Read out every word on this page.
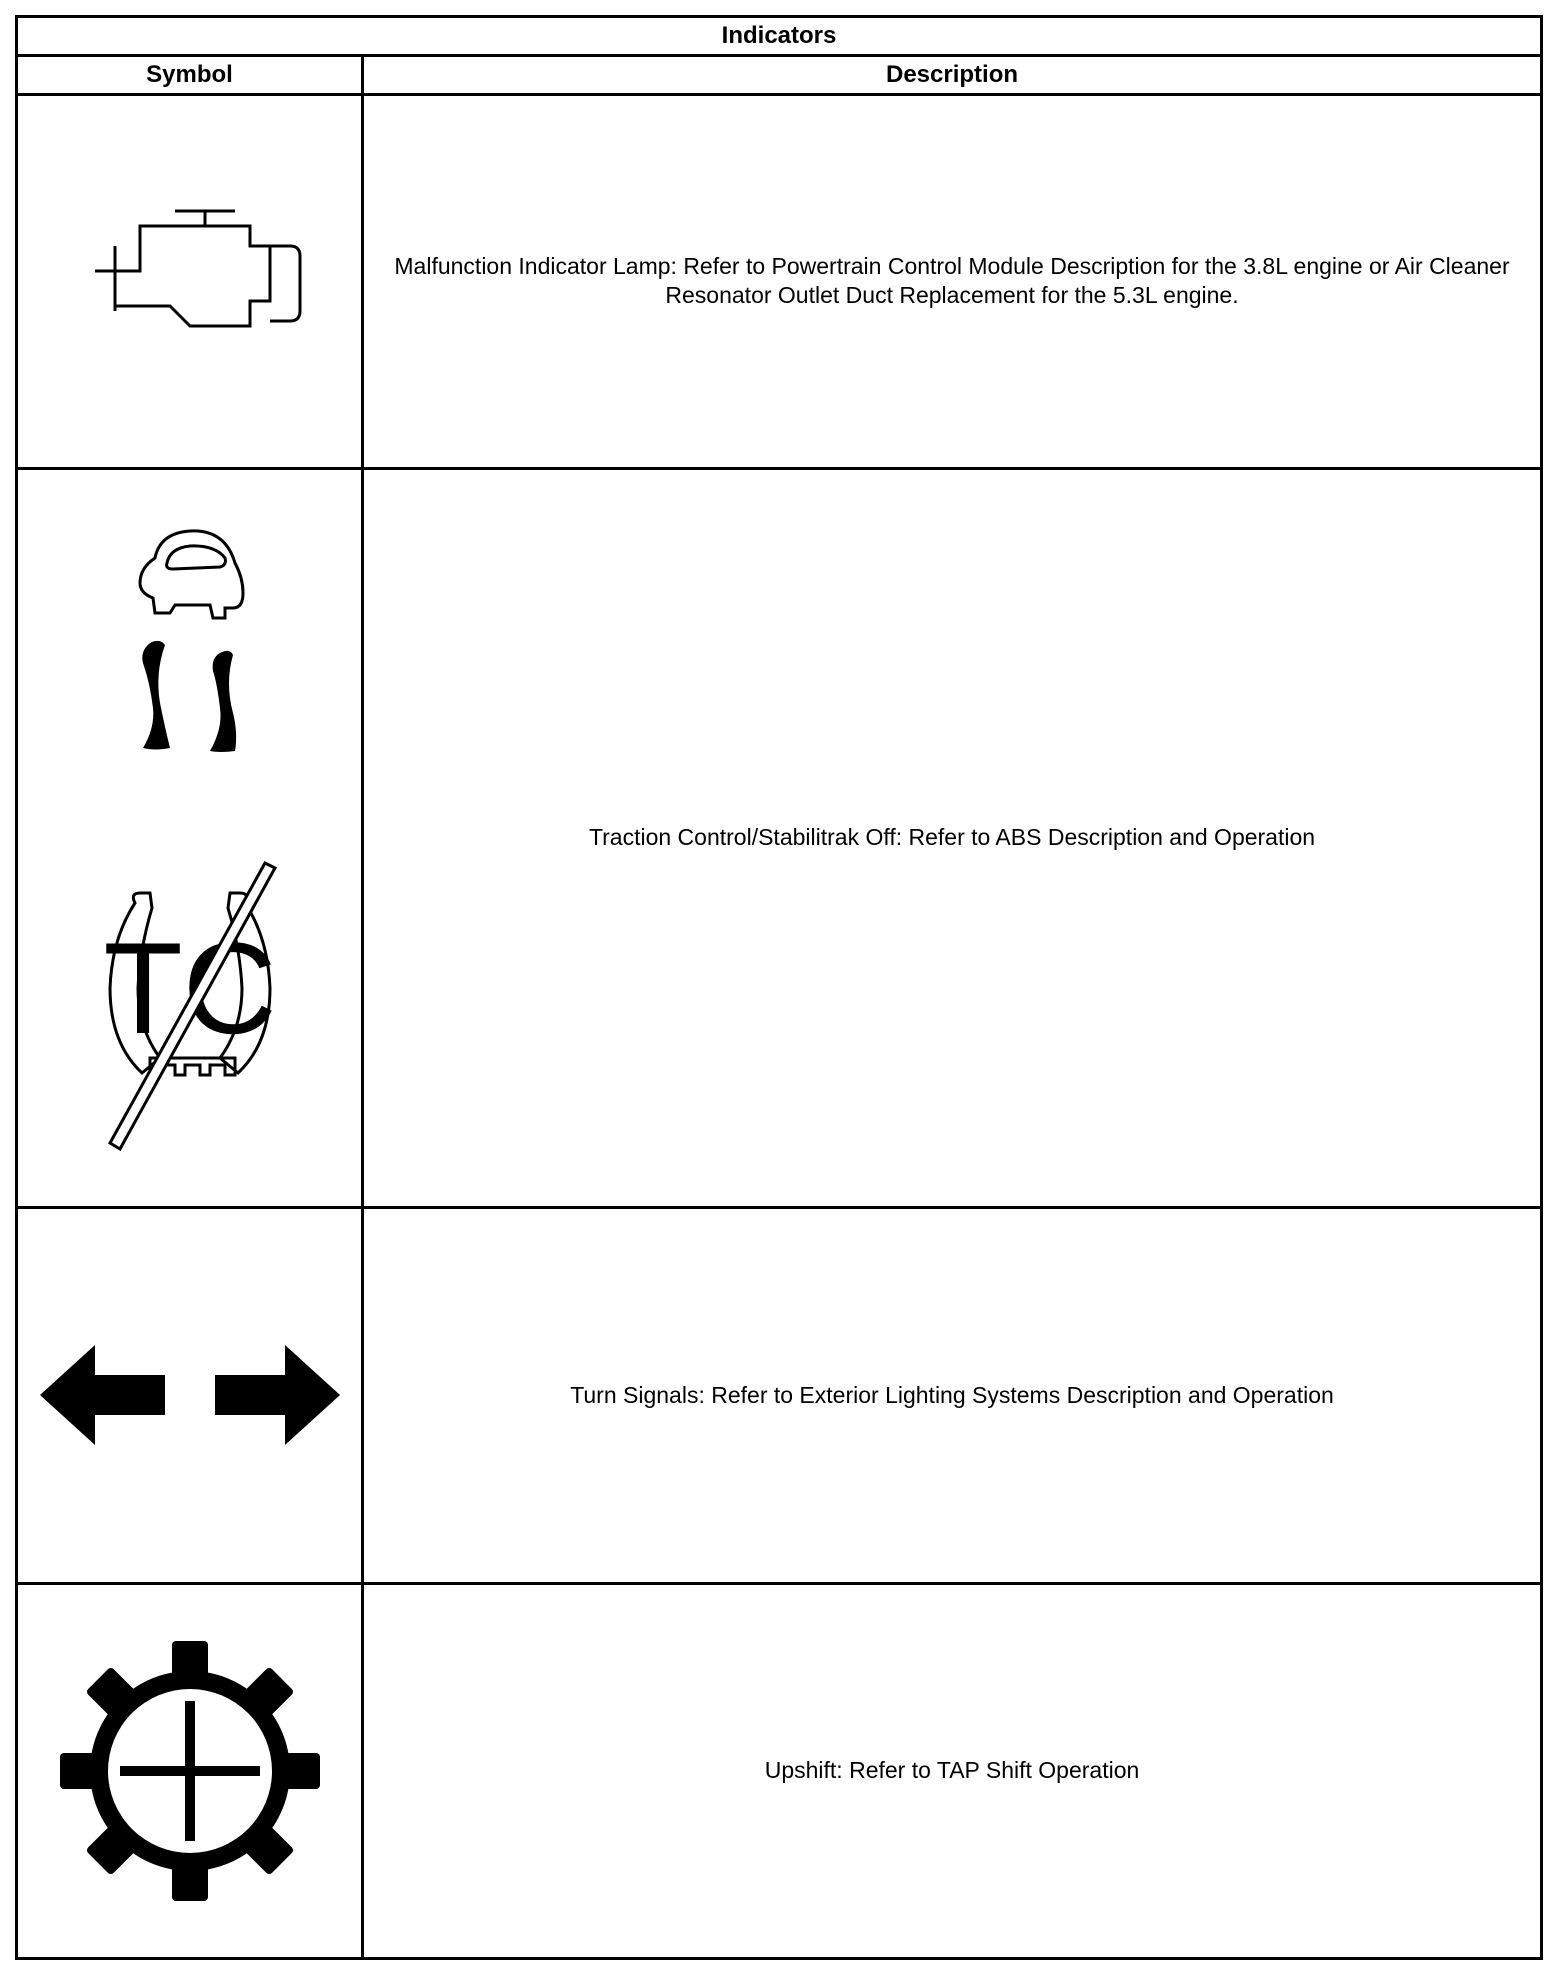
Indicators	
Symbol	Description

	Malfunction Indicator Lamp: Refer to Powertrain Control Module Description for the 3.8L engine or Air Cleaner Resonator Outlet Duct Replacement for the 5.3L engine.

TC	Traction Control/Stabilitrak Off: Refer to ABS Description and Operation

	Turn Signals: Refer to Exterior Lighting Systems Description and Operation

	Upshift: Refer to TAP Shift Operation
